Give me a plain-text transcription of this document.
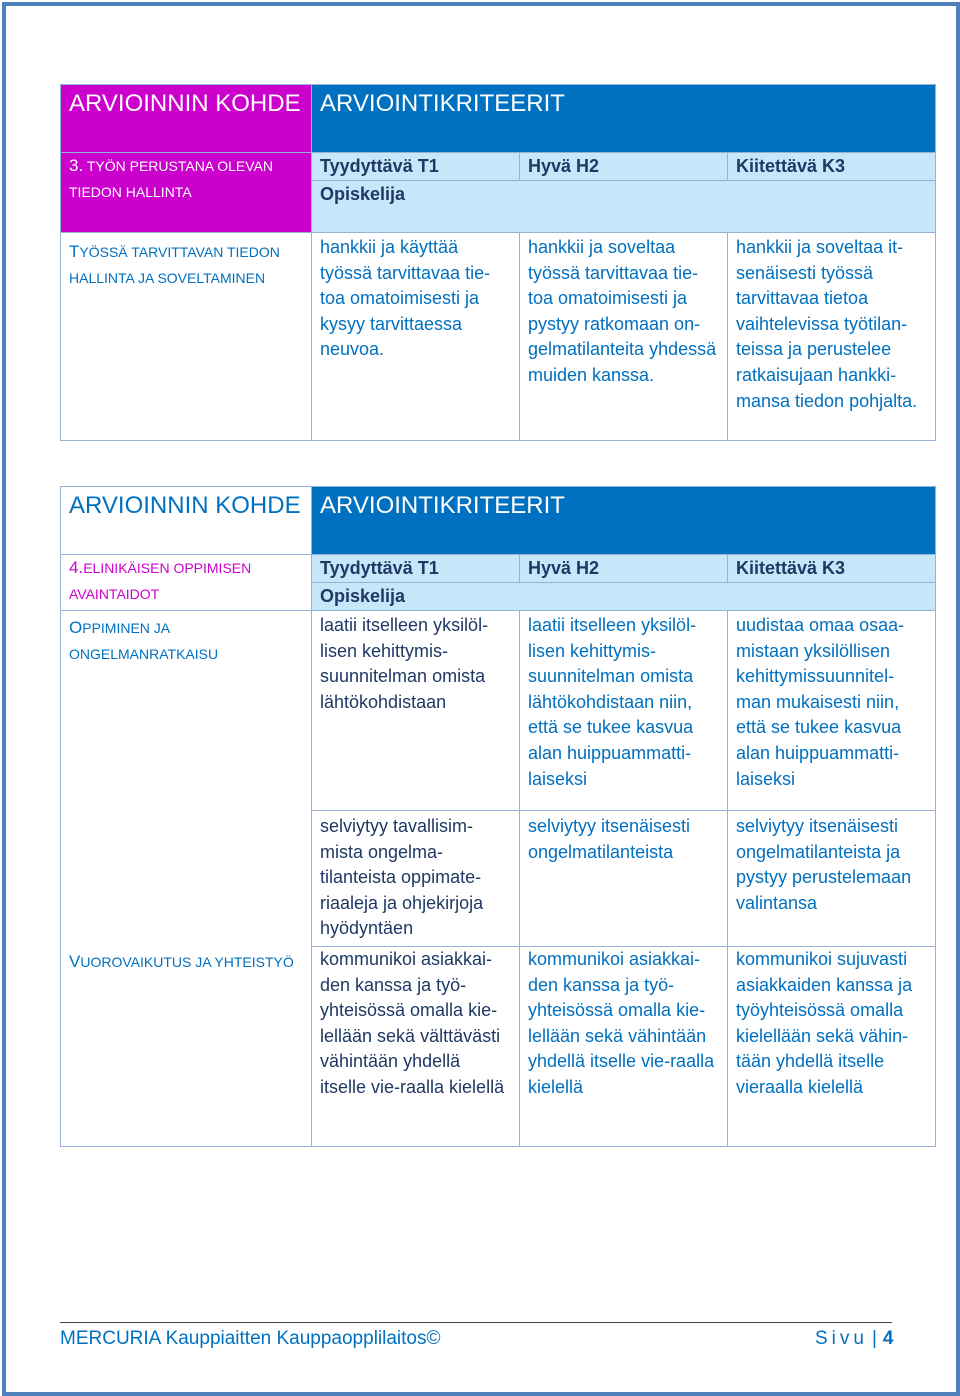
ARVIOINNIN KOHDE	ARVIOINTIKRITEERIT		

3. TYÖN PERUSTANA OLEVAN TIEDON HALLINTA	Tyydyttävä T1	Hyvä H2	Kiitettävä K3
	Opiskelija		

TYÖSSÄ TARVITTAVAN TIEDON HALLINTA JA SOVELTAMINEN	hankkii ja käyttää työssä tarvittavaa tie-toa omatoimisesti ja kysyy tarvittaessa neuvoa.	hankkii ja soveltaa työssä tarvittavaa tie-toa omatoimisesti ja pystyy ratkomaan on-gelmatilanteita yhdessä muiden kanssa.	hankkii ja soveltaa it-senäisesti työssä tarvittavaa tietoa vaihtelevissa työtilan-teissa ja perustelee ratkaisujaan hankki-mansa tiedon pohjalta.
ARVIOINNIN KOHDE	ARVIOINTIKRITEERIT		

4.ELINIKÄISEN OPPIMISEN AVAINTAIDOT	Tyydyttävä T1	Hyvä H2	Kiitettävä K3
	Opiskelija		

OPPIMINEN JA ONGELMANRATKAISU	laatii itselleen yksilöl-lisen kehittymis-suunnitelman omista lähtökohdistaan	laatii itselleen yksilöl-lisen kehittymis-suunnitelman omista lähtökohdistaan niin, että se tukee kasvua alan huippuammatti-laiseksi	uudistaa omaa osaa-mistaan yksilöllisen kehittymissuunnitel-man mukaisesti niin, että se tukee kasvua alan huippuammatti-laiseksi

	selviytyy tavallisim-mista ongelma-tilanteista oppimate-riaaleja ja ohjekirjoja hyödyntäen	selviytyy itsenäisesti ongelmatilanteista	selviytyy itsenäisesti ongelmatilanteista ja pystyy perustelemaan valintansa

VUOROVAIKUTUS JA YHTEISTYÖ	kommunikoi asiakkai-den kanssa ja työ-yhteisössä omalla kie-lellään sekä välttävästi vähintään yhdellä itselle vie-raalla kielellä	kommunikoi asiakkai-den kanssa ja työ-yhteisössä omalla kie-lellään sekä vähintään yhdellä itselle vie-raalla kielellä	kommunikoi sujuvasti asiakkaiden kanssa ja työyhteisössä omalla kielellään sekä vähin-tään yhdellä itselle vieraalla kielellä
MERCURIA Kauppiaitten Kauppaopplilaitos©	Sivu | 4
